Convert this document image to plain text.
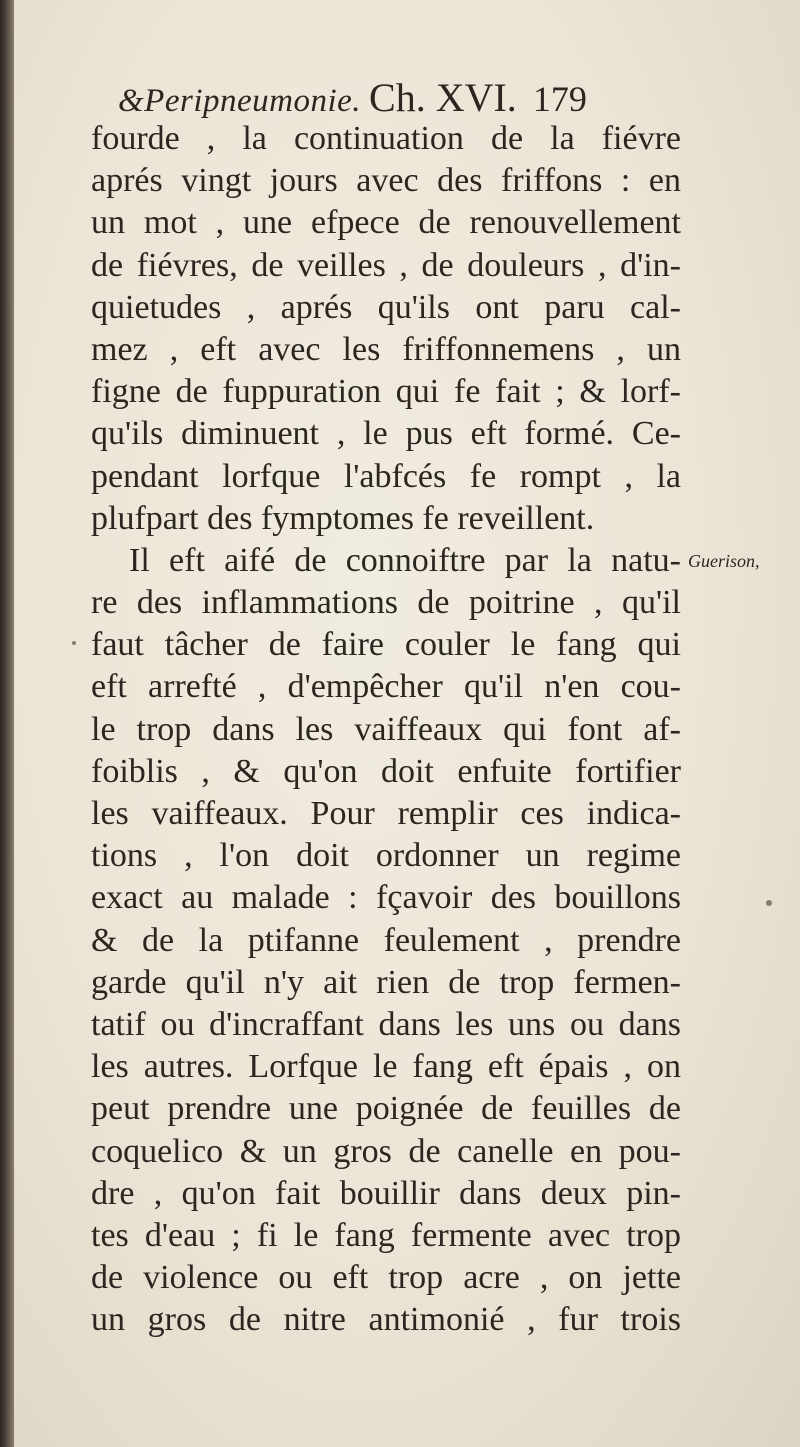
&Peripneumonie. Ch. XVI. 179
fourde , la continuation de la fiévre
aprés vingt jours avec des friffons : en
un mot , une efpece de renouvellement
de fiévres, de veilles , de douleurs , d'in-
quietudes , aprés qu'ils ont paru cal-
mez , eft avec les friffonnemens , un
figne de fuppuration qui fe fait ; & lorf-
qu'ils diminuent , le pus eft formé. Ce-
pendant lorfque l'abfcés fe rompt , la
plufpart des fymptomes fe reveillent.
Il eft aifé de connoiftre par la natu-
re des inflammations de poitrine , qu'il
faut tâcher de faire couler le fang qui
eft arrefté , d'empêcher qu'il n'en cou-
le trop dans les vaiffeaux qui font af-
foiblis , & qu'on doit enfuite fortifier
les vaiffeaux. Pour remplir ces indica-
tions , l'on doit ordonner un regime
exact au malade : fçavoir des bouillons
& de la ptifanne feulement , prendre
garde qu'il n'y ait rien de trop fermen-
tatif ou d'incraffant dans les uns ou dans
les autres. Lorfque le fang eft épais , on
peut prendre une poignée de feuilles de
coquelico & un gros de canelle en pou-
dre , qu'on fait bouillir dans deux pin-
tes d'eau ; fi le fang fermente avec trop
de violence ou eft trop acre , on jette
un gros de nitre antimonié , fur trois
Guerison,
